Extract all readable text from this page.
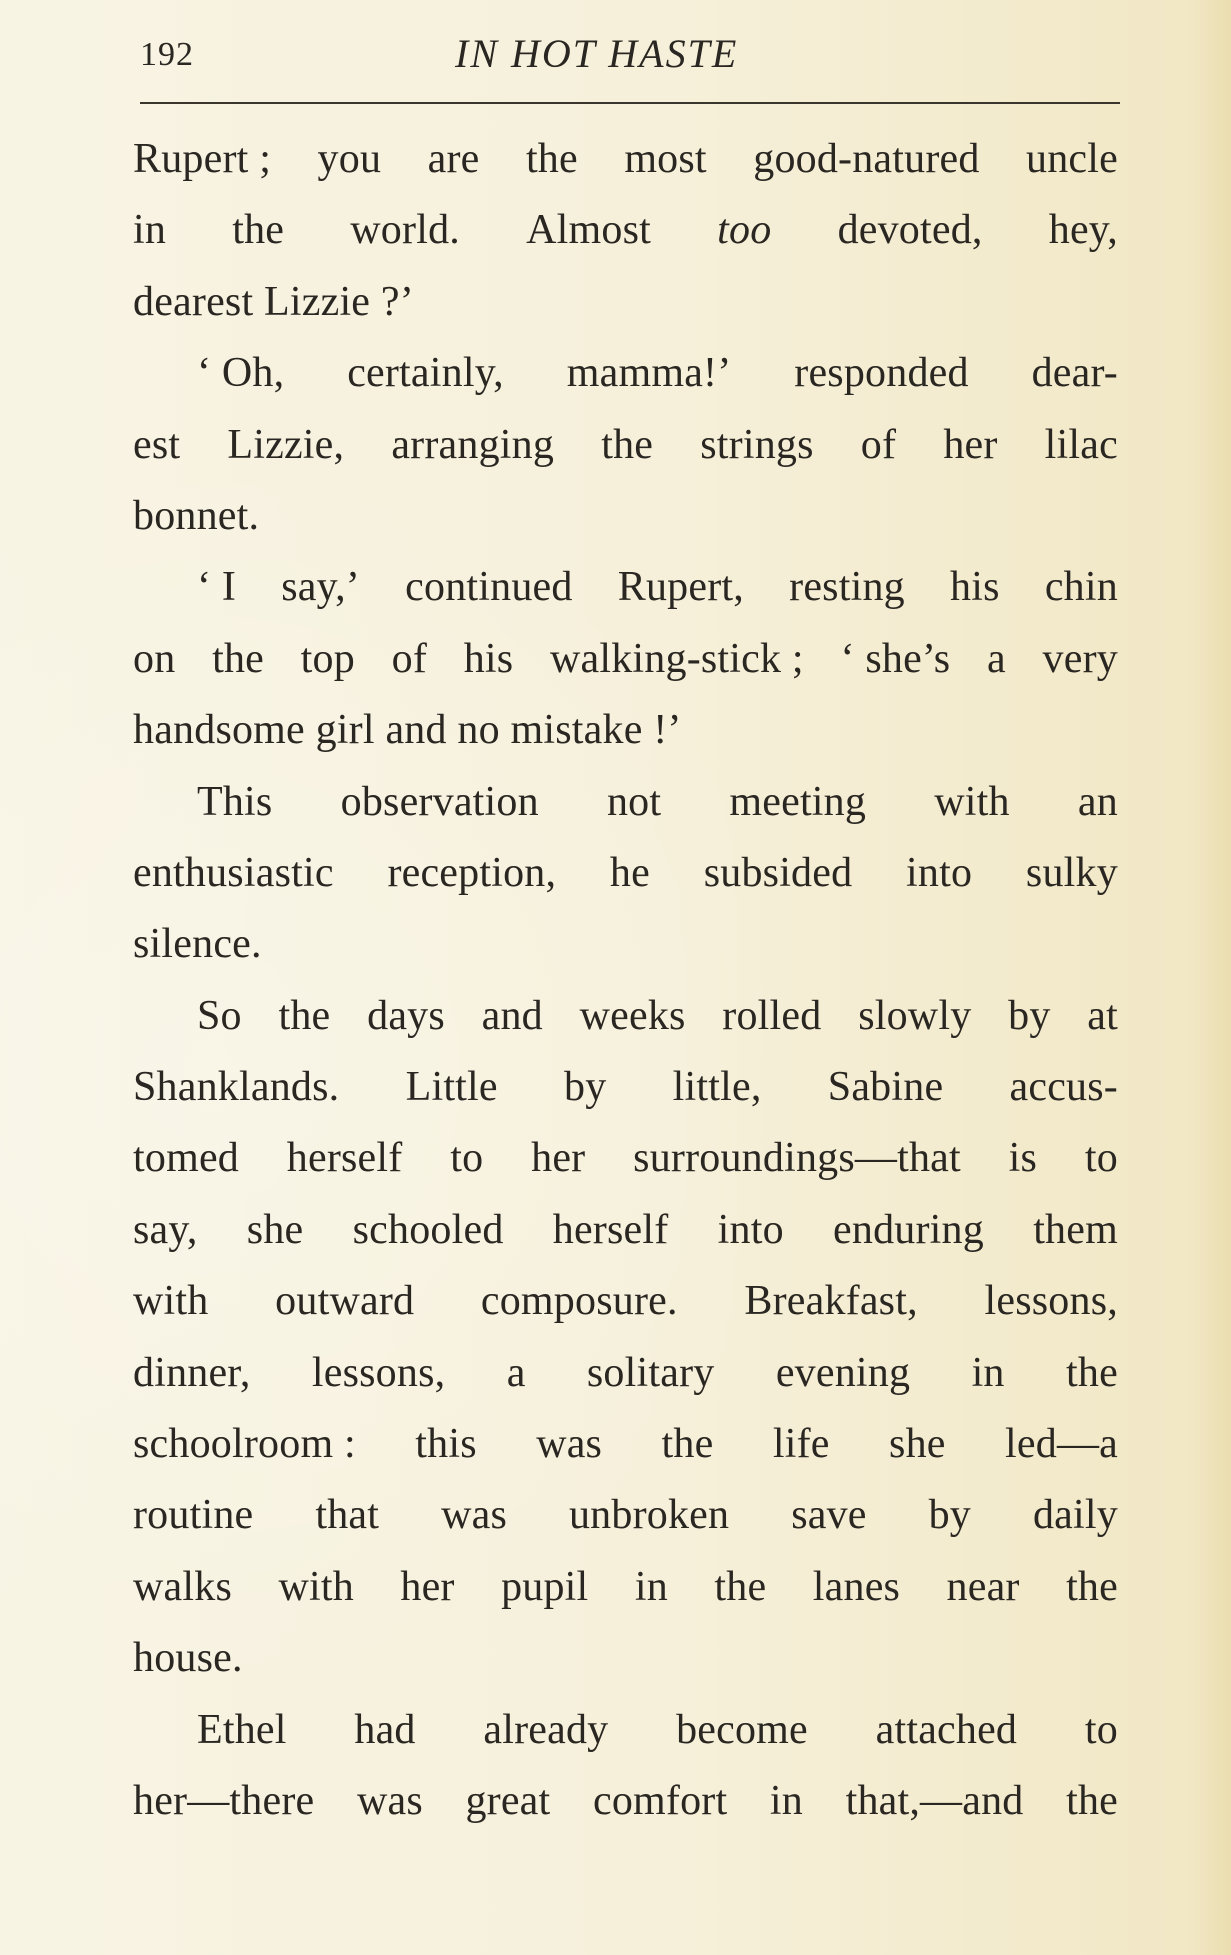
192	IN HOT HASTE
Rupert ; you are the most good-natured uncle
in the world. Almost too devoted, hey,
dearest
Lizzie
?’
‘ Oh, certainly, mamma!’ responded dear-
est Lizzie, arranging the strings of her lilac
bonnet.
‘ I say,’ continued Rupert, resting his chin
on the top of his walking-stick ; ‘ she’s a very
handsome
girl
and
no
mistake !’
This observation not meeting with an
enthusiastic reception, he subsided into sulky
silence.
So the days and weeks rolled slowly by at
Shanklands. Little by little, Sabine accus-
tomed herself to her surroundings—that is to
say, she schooled herself into enduring them
with outward composure. Breakfast, lessons,
dinner, lessons, a solitary evening in the
schoolroom : this was the life she led—a
routine that was unbroken save by daily
walks with her pupil in the lanes near the
house.
Ethel had already become attached to
her—there was great comfort in that,—and the
